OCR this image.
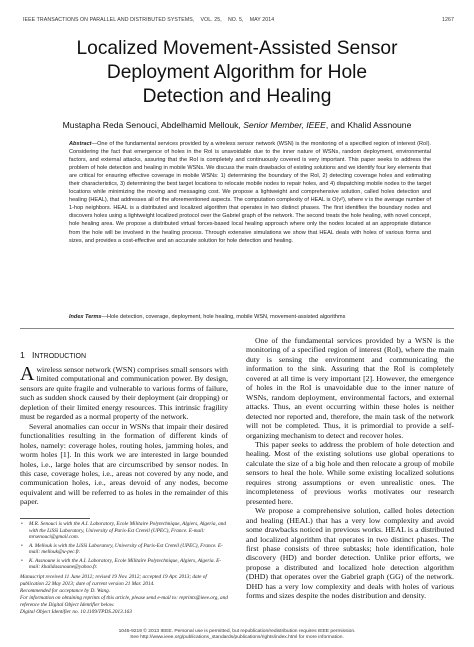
IEEE TRANSACTIONS ON PARALLEL AND DISTRIBUTED SYSTEMS,    VOL. 25,    NO. 5,    MAY 2014	1267
Localized Movement-Assisted Sensor
Deployment Algorithm for Hole
Detection and Healing
Mustapha Reda Senouci, Abdelhamid Mellouk, Senior Member, IEEE, and Khalid Assnoune
Abstract—One of the fundamental services provided by a wireless sensor network (WSN) is the monitoring of a specified region of interest (RoI). Considering the fact that emergence of holes in the RoI is unavoidable due to the inner nature of WSNs, random deployment, environmental factors, and external attacks, assuring that the RoI is completely and continuously covered is very important. This paper seeks to address the problem of hole detection and healing in mobile WSNs. We discuss the main drawbacks of existing solutions and we identify four key elements that are critical for ensuring effective coverage in mobile WSNs: 1) determining the boundary of the RoI, 2) detecting coverage holes and estimating their characteristics, 3) determining the best target locations to relocate mobile nodes to repair holes, and 4) dispatching mobile nodes to the target locations while minimizing the moving and messaging cost. We propose a lightweight and comprehensive solution, called holes detection and healing (HEAL), that addresses all of the aforementioned aspects. The computation complexity of HEAL is O(v²), where v is the average number of 1-hop neighbors. HEAL is a distributed and localized algorithm that operates in two distinct phases. The first identifies the boundary nodes and discovers holes using a lightweight localized protocol over the Gabriel graph of the network. The second treats the hole healing, with novel concept, hole healing area. We propose a distributed virtual forces-based local healing approach where only the nodes located at an appropriate distance from the hole will be involved in the healing process. Through extensive simulations we show that HEAL deals with holes of various forms and sizes, and provides a cost-effective and an accurate solution for hole detection and healing.
Index Terms—Hole detection, coverage, deployment, hole healing, mobile WSN, movement-assisted algorithms
1 INTRODUCTION

A wireless sensor network (WSN) comprises small sensors with limited computational and communication power. By design, sensors are quite fragile and vulnerable to various forms of failure, such as sudden shock caused by their deployment (air dropping) or depletion of their limited energy resources. This intrinsic fragility must be regarded as a normal property of the network.

Several anomalies can occur in WSNs that impair their desired functionalities resulting in the formation of different kinds of holes, namely: coverage holes, routing holes, jamming holes, and worm holes [1]. In this work we are interested in large bounded holes, i.e., large holes that are circumscribed by sensor nodes. In this case, coverage holes, i.e., areas not covered by any node, and communication holes, i.e., areas devoid of any nodes, become equivalent and will be referred to as holes in the remainder of this paper.

• M.R. Senouci is with the A.I. Laboratory, Ecole Militaire Polytechnique, Algiers, Algeria, and with the LiSSi Laboratory, University of Paris-Est Creteil (UPEC), France. E-mail: mrsenouci@gmail.com.
• A. Mellouk is with the LiSSi Laboratory, University of Paris-Est Creteil (UPEC), France. E-mail: mellouk@u-pec.fr.
• K. Assnoune is with the A.I. Laboratory, Ecole Militaire Polytechnique, Algiers, Algeria. E-mail: khalidassnoune@yahoo.fr.
Manuscript received 11 June 2012; revised 19 Nov. 2012; accepted 19 Apr. 2013; date of publication 22 May 2013; date of current version 21 Mar. 2014.
Recommended for acceptance by D. Wang.
For information on obtaining reprints of this article, please send e-mail to: reprints@ieee.org, and reference the Digital Object Identifier below.
Digital Object Identifier no. 10.1109/TPDS.2013.163

One of the fundamental services provided by a WSN is the monitoring of a specified region of interest (RoI), where the main duty is sensing the environment and communicating the information to the sink. Assuring that the RoI is completely covered at all time is very important [2]. However, the emergence of holes in the RoI is unavoidable due to the inner nature of WSNs, random deployment, environmental factors, and external attacks. Thus, an event occurring within these holes is neither detected nor reported and, therefore, the main task of the network will not be completed. Thus, it is primordial to provide a self-organizing mechanism to detect and recover holes.

This paper seeks to address the problem of hole detection and healing. Most of the existing solutions use global operations to calculate the size of a big hole and then relocate a group of mobile sensors to heal the hole. While some existing localized solutions requires strong assumptions or even unrealistic ones. The incompleteness of previous works motivates our research presented here.

We propose a comprehensive solution, called holes detection and healing (HEAL) that has a very low complexity and avoid some drawbacks noticed in previous works. HEAL is a distributed and localized algorithm that operates in two distinct phases. The first phase consists of three subtasks; hole identification, hole discovery (HD) and border detection. Unlike prior efforts, we propose a distributed and localized hole detection algorithm (DHD) that operates over the Gabriel graph (GG) of the network. DHD has a very low complexity and deals with holes of various forms and sizes despite the nodes distribution and density.

1045-9219 © 2013 IEEE. Personal use is permitted, but republication/redistribution requires IEEE permission.
See http://www.ieee.org/publications_standards/publications/rights/index.html for more information.
